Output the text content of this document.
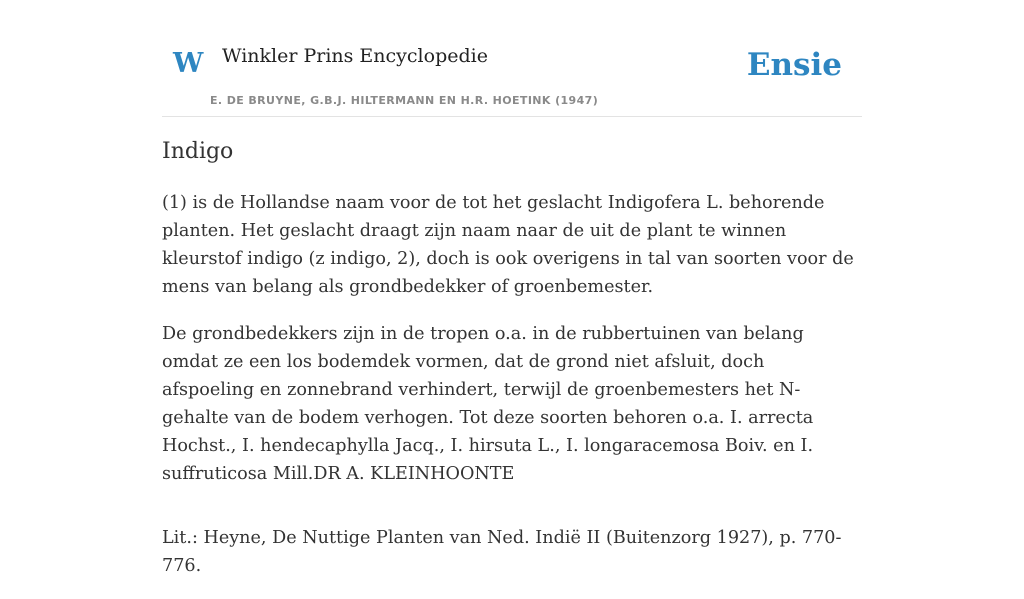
W Winkler Prins Encyclopedie
E. DE BRUYNE, G.B.J. HILTERMANN EN H.R. HOETINK (1947)
Ensie
Indigo

(1) is de Hollandse naam voor de tot het geslacht Indigofera L. behorende planten. Het geslacht draagt zijn naam naar de uit de plant te winnen kleurstof indigo (z indigo, 2), doch is ook overigens in tal van soorten voor de mens van belang als grondbedekker of groenbemester.

De grondbedekkers zijn in de tropen o.a. in de rubbertuinen van belang omdat ze een los bodemdek vormen, dat de grond niet afsluit, doch afspoeling en zonnebrand verhindert, terwijl de groenbemesters het N-gehalte van de bodem verhogen. Tot deze soorten behoren o.a. I. arrecta Hochst., I. hendecaphylla Jacq., I. hirsuta L., I. longaracemosa Boiv. en I. suffruticosa Mill.DR A. KLEINHOONTE

Lit.: Heyne, De Nuttige Planten van Ned. Indië II (Buitenzorg 1927), p. 770-776.
